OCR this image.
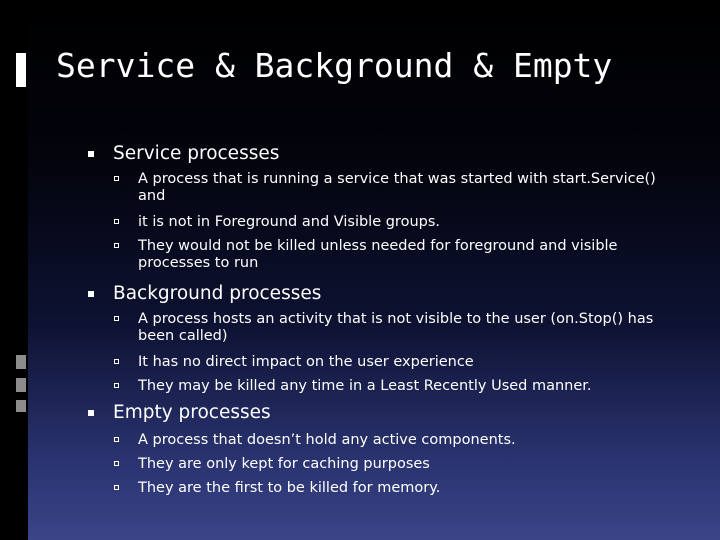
Service & Background & Empty
Service processes
A process that is running a service that was started with start.Service() and
it is not in Foreground and Visible groups.
They would not be killed unless needed for foreground and visible processes to run
Background processes
A process hosts an activity that is not visible to the user (on.Stop() has been called)
It has no direct impact on the user experience
They may be killed any time in a Least Recently Used manner.
Empty processes
A process that doesn’t hold any active components.
They are only kept for caching purposes
They are the first to be killed for memory.
